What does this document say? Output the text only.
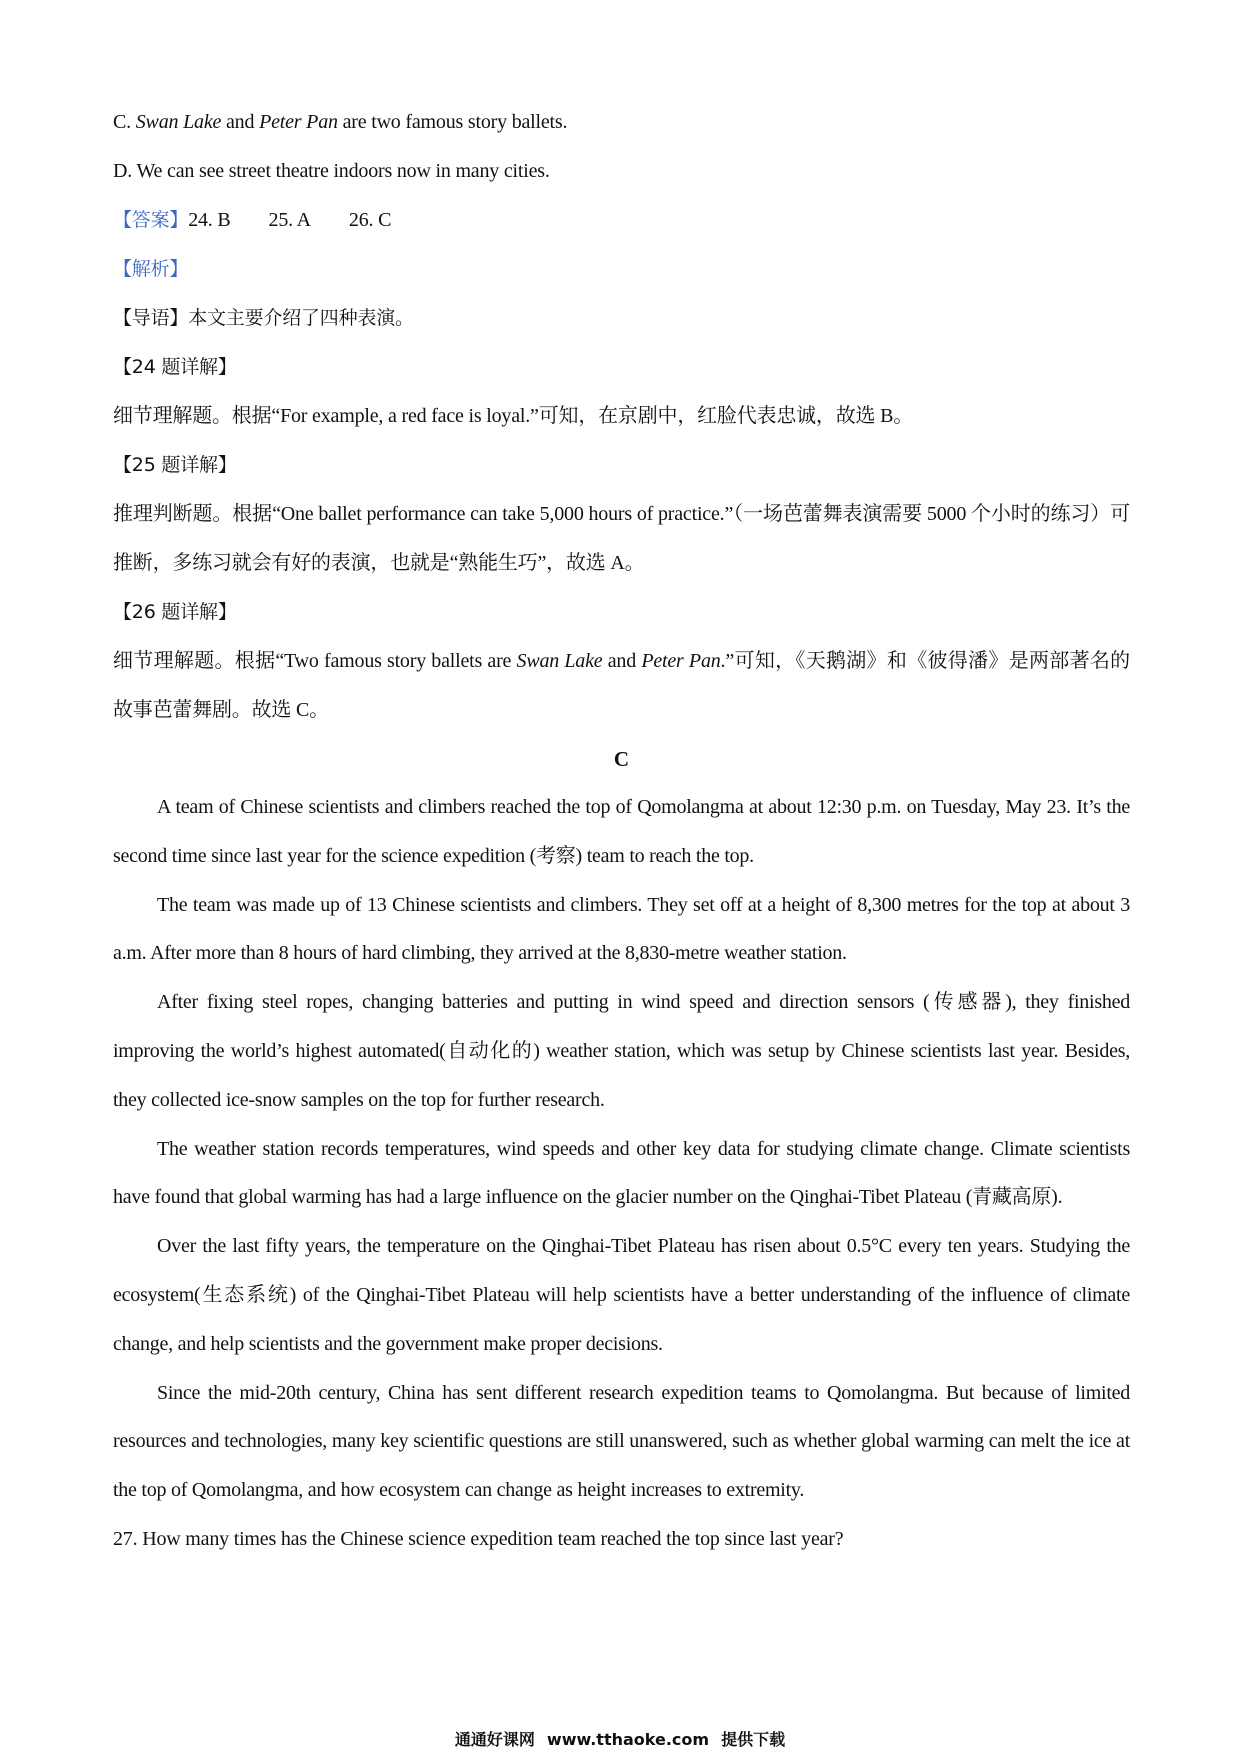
C. Swan Lake and Peter Pan are two famous story ballets.
D. We can see street theatre indoors now in many cities.
【答案】24. B 25. A 26. C
【解析】
【导语】本文主要介绍了四种表演。
【24 题详解】
细节理解题。根据“For example, a red face is loyal.”可知，在京剧中，红脸代表忠诚，故选 B。
【25 题详解】
推理判断题。根据“One ballet performance can take 5,000 hours of practice.”（一场芭蕾舞表演需要 5000 个小时的练习）可推断，多练习就会有好的表演，也就是“熟能生巧”，故选 A。
【26 题详解】
细节理解题。根据“Two famous story ballets are Swan Lake and Peter Pan.”可知，《天鹅湖》和《彼得潘》是两部著名的故事芭蕾舞剧。故选 C。
C

A team of Chinese scientists and climbers reached the top of Qomolangma at about 12:30 p.m. on Tuesday, May 23. It’s the second time since last year for the science expedition (考察) team to reach the top.

The team was made up of 13 Chinese scientists and climbers. They set off at a height of 8,300 metres for the top at about 3 a.m. After more than 8 hours of hard climbing, they arrived at the 8,830-metre weather station.

After fixing steel ropes, changing batteries and putting in wind speed and direction sensors (传感器), they finished improving the world’s highest automated(自动化的) weather station, which was setup by Chinese scientists last year. Besides, they collected ice-snow samples on the top for further research.

The weather station records temperatures, wind speeds and other key data for studying climate change. Climate scientists have found that global warming has had a large influence on the glacier number on the Qinghai-Tibet Plateau (青藏高原).

Over the last fifty years, the temperature on the Qinghai-Tibet Plateau has risen about 0.5°C every ten years. Studying the ecosystem(生态系统) of the Qinghai-Tibet Plateau will help scientists have a better understanding of the influence of climate change, and help scientists and the government make proper decisions.

Since the mid-20th century, China has sent different research expedition teams to Qomolangma. But because of limited resources and technologies, many key scientific questions are still unanswered, such as whether global warming can melt the ice at the top of Qomolangma, and how ecosystem can change as height increases to extremity.

27. How many times has the Chinese science expedition team reached the top since last year?
通通好课网 www.tthaoke.com 提供下载
